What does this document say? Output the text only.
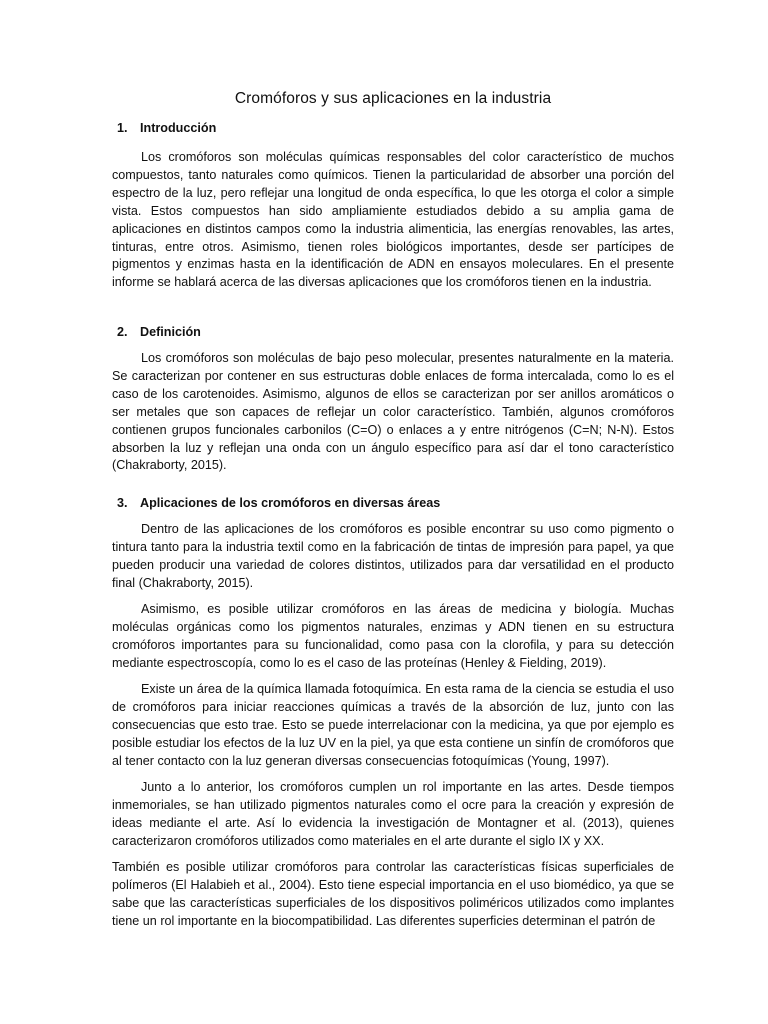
Cromóforos y sus aplicaciones en la industria
1. Introducción

Los cromóforos son moléculas químicas responsables del color característico de muchos compuestos, tanto naturales como químicos. Tienen la particularidad de absorber una porción del espectro de la luz, pero reflejar una longitud de onda específica, lo que les otorga el color a simple vista. Estos compuestos han sido ampliamiente estudiados debido a su amplia gama de aplicaciones en distintos campos como la industria alimenticia, las energías renovables, las artes, tinturas, entre otros. Asimismo, tienen roles biológicos importantes, desde ser partícipes de pigmentos y enzimas hasta en la identificación de ADN en ensayos moleculares. En el presente informe se hablará acerca de las diversas aplicaciones que los cromóforos tienen en la industria.

2. Definición

Los cromóforos son moléculas de bajo peso molecular, presentes naturalmente en la materia. Se caracterizan por contener en sus estructuras doble enlaces de forma intercalada, como lo es el caso de los carotenoides. Asimismo, algunos de ellos se caracterizan por ser anillos aromáticos o ser metales que son capaces de reflejar un color característico. También, algunos cromóforos contienen grupos funcionales carbonilos (C=O) o enlaces a y entre nitrógenos (C=N; N-N). Estos absorben la luz y reflejan una onda con un ángulo específico para así dar el tono característico (Chakraborty, 2015).

3. Aplicaciones de los cromóforos en diversas áreas

Dentro de las aplicaciones de los cromóforos es posible encontrar su uso como pigmento o tintura tanto para la industria textil como en la fabricación de tintas de impresión para papel, ya que pueden producir una variedad de colores distintos, utilizados para dar versatilidad en el producto final (Chakraborty, 2015).

Asimismo, es posible utilizar cromóforos en las áreas de medicina y biología. Muchas moléculas orgánicas como los pigmentos naturales, enzimas y ADN tienen en su estructura cromóforos importantes para su funcionalidad, como pasa con la clorofila, y para su detección mediante espectroscopía, como lo es el caso de las proteínas (Henley & Fielding, 2019).

Existe un área de la química llamada fotoquímica. En esta rama de la ciencia se estudia el uso de cromóforos para iniciar reacciones químicas a través de la absorción de luz, junto con las consecuencias que esto trae. Esto se puede interrelacionar con la medicina, ya que por ejemplo es posible estudiar los efectos de la luz UV en la piel, ya que esta contiene un sinfín de cromóforos que al tener contacto con la luz generan diversas consecuencias fotoquímicas (Young, 1997).

Junto a lo anterior, los cromóforos cumplen un rol importante en las artes. Desde tiempos inmemoriales, se han utilizado pigmentos naturales como el ocre para la creación y expresión de ideas mediante el arte. Así lo evidencia la investigación de Montagner et al. (2013), quienes caracterizaron cromóforos utilizados como materiales en el arte durante el siglo IX y XX.

También es posible utilizar cromóforos para controlar las características físicas superficiales de polímeros (El Halabieh et al., 2004). Esto tiene especial importancia en el uso biomédico, ya que se sabe que las características superficiales de los dispositivos poliméricos utilizados como implantes tiene un rol importante en la biocompatibilidad. Las diferentes superficies determinan el patrón de
